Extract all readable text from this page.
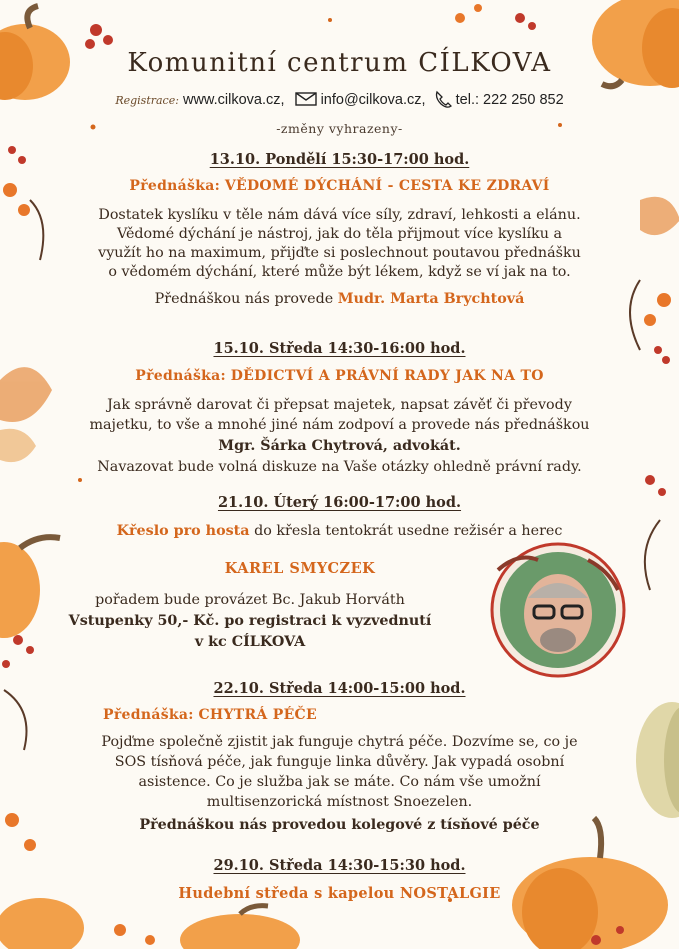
Komunitní centrum CÍLKOVA
Registrace: www.cilkova.cz, info@cilkova.cz, tel.: 222 250 852
-změny vyhrazeny-
13.10. Pondělí 15:30-17:00 hod.
Přednáška: VĚDOMÉ DÝCHÁNÍ - CESTA KE ZDRAVÍ
Dostatek kyslíku v těle nám dává více síly, zdraví, lehkosti a elánu.
Vědomé dýchání je nástroj, jak do těla přijmout více kyslíku a
využít ho na maximum, přijďte si poslechnout poutavou přednášku
o vědomém dýchání, které může být lékem, když se ví jak na to.
Přednáškou nás provede Mudr. Marta Brychtová
15.10. Středa 14:30-16:00 hod.
Přednáška: DĚDICTVÍ A PRÁVNÍ RADY JAK NA TO
Jak správně darovat či přepsat majetek, napsat závěť či převody
majetku, to vše a mnohé jiné nám zodpoví a provede nás přednáškou
Mgr. Šárka Chytrová, advokát.
Navazovat bude volná diskuze na Vaše otázky ohledně právní rady.
21.10. Úterý 16:00-17:00 hod.
Křeslo pro hosta do křesla tentokrát usedne režisér a herec
KAREL SMYCZEK
pořadem bude provázet Bc. Jakub Horváth
Vstupenky 50,- Kč. po registraci k vyzvednutí
v kc CÍLKOVA
22.10. Středa 14:00-15:00 hod.
Přednáška: CHYTRÁ PÉČE
Pojďme společně zjistit jak funguje chytrá péče. Dozvíme se, co je
SOS tísňová péče, jak funguje linka důvěry. Jak vypadá osobní
asistence. Co je služba jak se máte. Co nám vše umožní
multisenzorická místnost Snoezelen.
Přednáškou nás provedou kolegové z tísňové péče
29.10. Středa 14:30-15:30 hod.
Hudební středa s kapelou NOSTALGIE
